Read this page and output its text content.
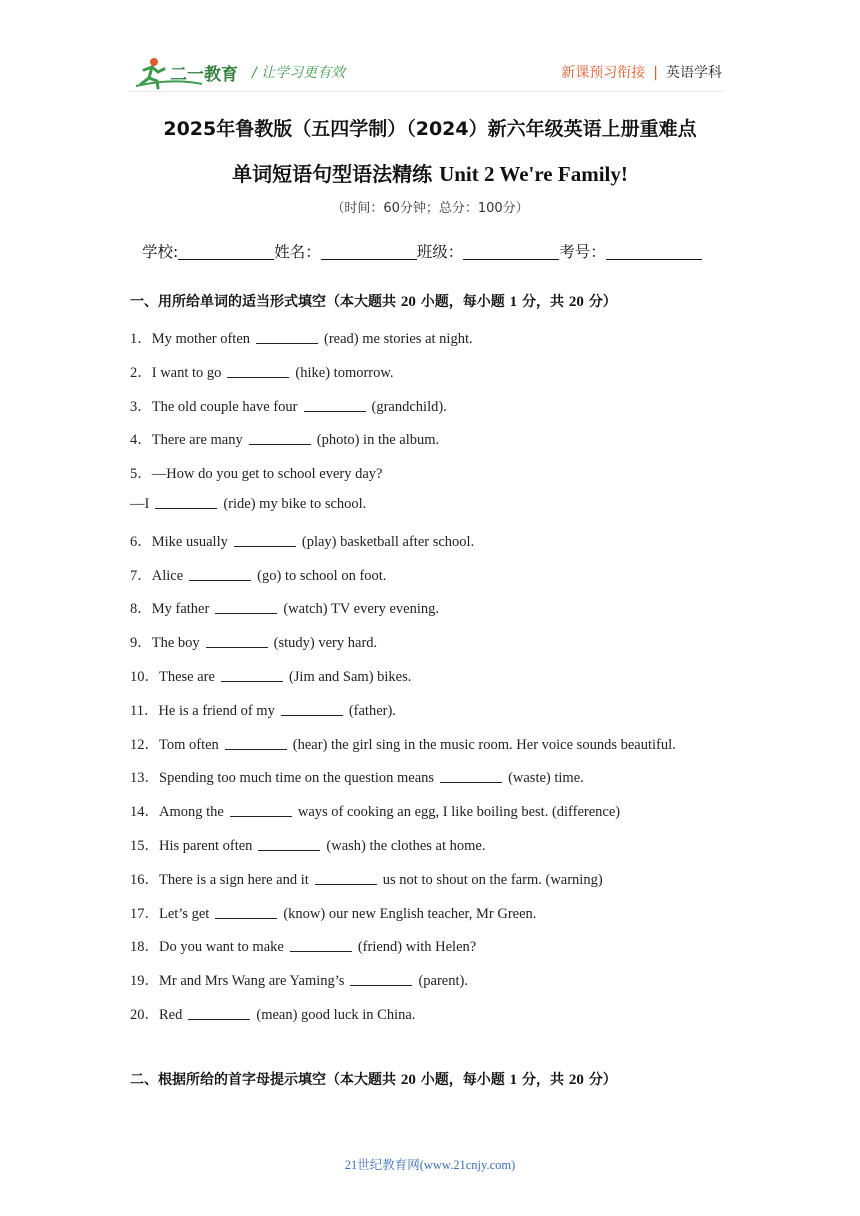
二一教育 / 让学习更有效	新课预习衔接 | 英语学科
2025年鲁教版（五四学制）（2024）新六年级英语上册重难点
单词短语句型语法精练 Unit 2 We're Family!
（时间：60分钟；总分：100分）
学校:	姓名：	班级：	考号：
一、用所给单词的适当形式填空（本大题共 20 小题，每小题 1 分，共 20 分）
1．My mother often	(read) me stories at night.
2．I want to go	(hike) tomorrow.
3．The old couple have four	(grandchild).
4．There are many	(photo) in the album.
5．—How do you get to school every day?
—I	(ride) my bike to school.
6．Mike usually	(play) basketball after school.
7．Alice	(go) to school on foot.
8．My father	(watch) TV every evening.
9．The boy	(study) very hard.
10．These are	(Jim and Sam) bikes.
11．He is a friend of my	(father).
12．Tom often	(hear) the girl sing in the music room. Her voice sounds beautiful.
13．Spending too much time on the question means	(waste) time.
14．Among the	ways of cooking an egg, I like boiling best. (difference)
15．His parent often	(wash) the clothes at home.
16．There is a sign here and it	us not to shout on the farm. (warning)
17．Let’s get	(know) our new English teacher, Mr Green.
18．Do you want to make	(friend) with Helen?
19．Mr and Mrs Wang are Yaming’s	(parent).
20．Red	(mean) good luck in China.
二、根据所给的首字母提示填空（本大题共 20 小题，每小题 1 分，共 20 分）
21世纪教育网(www.21cnjy.com)
